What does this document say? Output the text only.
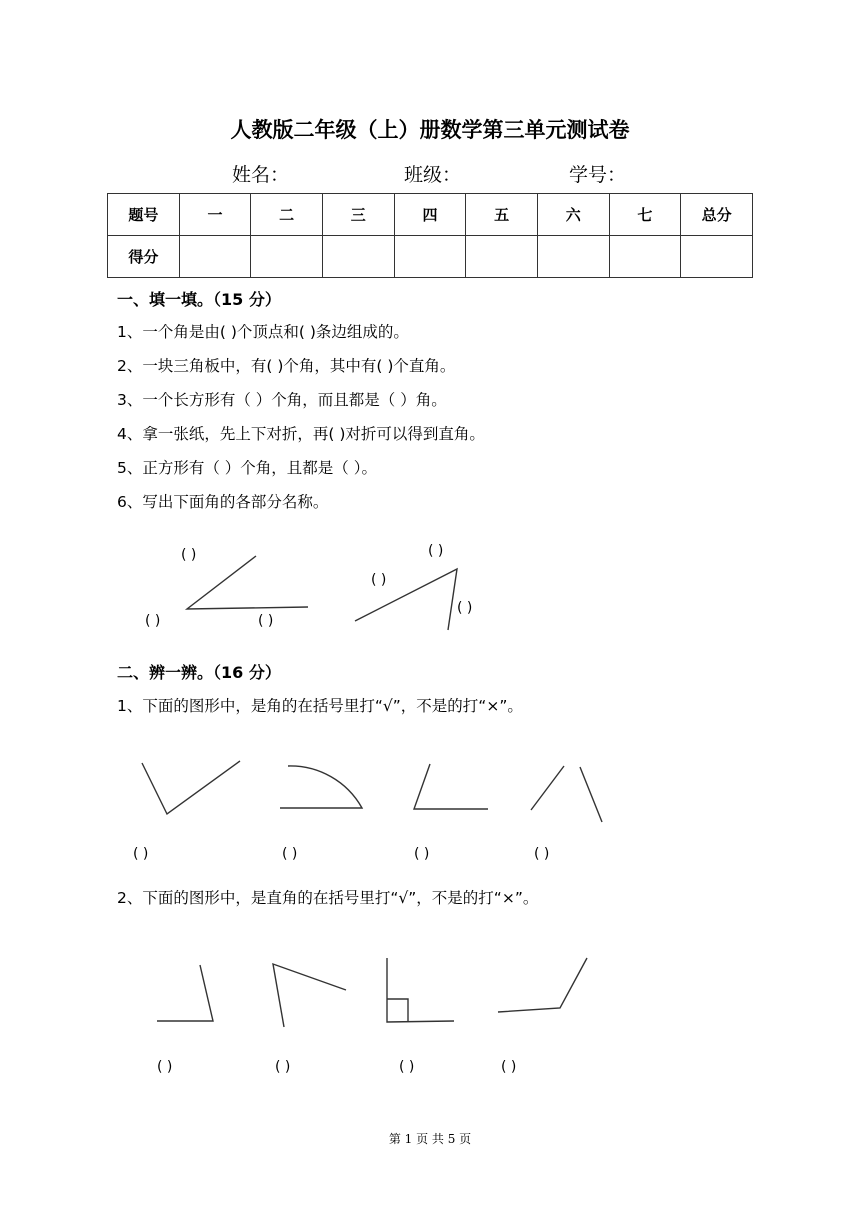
人教版二年级（上）册数学第三单元测试卷
姓名：	班级：	学号：
题号	一	二	三	四	五	六	七	总分
得分								
一、填一填。（15 分）
1、一个角是由( )个顶点和( )条边组成的。
2、一块三角板中，有( )个角，其中有( )个直角。
3、一个长方形有（ ）个角，而且都是（ ）角。
4、拿一张纸，先上下对折，再( )对折可以得到直角。
5、正方形有（ ）个角，且都是（ ）。
6、写出下面角的各部分名称。
( )
( )	( )
( )
( )
( )
二、辨一辨。（16 分）
1、下面的图形中，是角的在括号里打“√”，不是的打“×”。
( )	( )	( )	( )
2、下面的图形中，是直角的在括号里打“√”，不是的打“×”。
( )	( )	( )	( )
第 1 页 共 5 页
